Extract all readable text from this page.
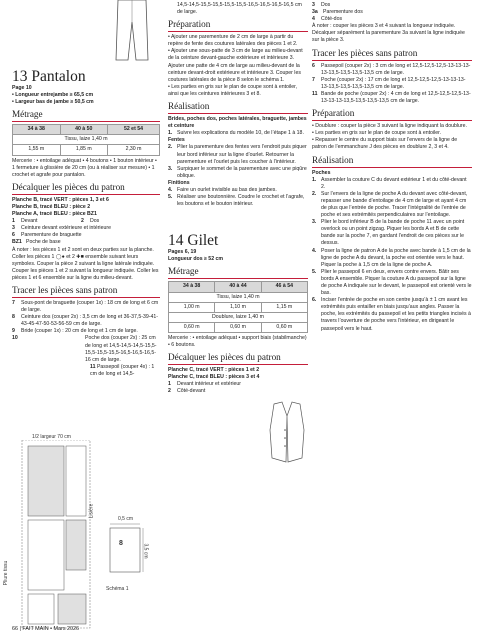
13 Pantalon
Page 10
• Longueur entrejambe ≥ 65,5 cm
• Largeur bas de jambe ≥ 50,5 cm
Métrage
34 à 38	40 à 50	52 et 54
Tissu, laize 1,40 m		
1,55 m	1,85 m	2,30 m
Mercerie : • entoilage adéquat • 4 boutons • 1 bouton intérieur • 1 fermeture à glissière de 20 cm (ou à réaliser sur mesure) • 1 crochet et agrafe pour pantalon.
Décalquer les pièces du patron
Planche B, tracé VERT : pièces 1, 3 et 6
Planche B, tracé BLEU : pièce 2
Planche A, tracé BLEU : pièce BZ1
1	Devant	2	Dos
3	Ceinture devant extérieure et intérieure
6	Parementure de braguette
BZ1 Poche de base
À noter : les pièces 1 et 2 sont en deux parties sur la planche. Coller les pièces 1 ◯● et 2 ✚■ ensemble suivant leurs symboles. Couper la pièce 2 suivant la ligne latérale indiquée. Couper les pièces 1 et 2 suivant la longueur indiquée. Coller les pièces 1 et 6 ensemble sur la ligne du milieu-devant.
Tracer les pièces sans patron
7	Sous-pont de braguette (couper 1x) : 18 cm de long et 6 cm de large.
8	Ceinture dos (couper 2x) : 3,5 cm de long et 36-37,5-39-41-43-45-47-50-53-56-59 cm de large.
9	Bride (couper 1x) : 20 cm de long et 1 cm de large.
10	Poche dos (couper 2x) : 25 cm de long et 14,5-14,5-14,5-15,5-15,5-15,5-15,5-16,5-16,5-16,5-16 cm de large.
11 Passepoil (couper 4x) : 1 cm de long et 14,5-
1/2 largeur 70 cm
Pliure tissu
Lisière
0,5 cm
3,5 cm
8
Schéma 1
14,5-14,5-15,5-15,5-15,5-15,5-16,5-16,5-16,5-16,5 cm de large.
Préparation
• Ajouter une parementure de 2 cm de large à partir du repère de fente des coutures latérales des pièces 1 et 2.
• Ajouter une sous-patte de 3 cm de large au milieu-devant de la ceinture devant-gauche extérieure et intérieure 3. Ajouter une patte de 4 cm de large au milieu-devant de la ceinture devant-droit extérieure et intérieure 3. Couper les coutures latérales de la pièce 8 selon le schéma 1.
• Les parties en gris sur le plan de coupe sont à entoiler, ainsi que les ceintures intérieures 3 et 8.
Réalisation
Brides, poches dos, poches latérales, braguette, jambes et ceinture
1. Suivre les explications du modèle 10, de l’étape 1 à 18.
Fentes
2. Plier la parementure des fentes vers l’endroit puis piquer leur bord inférieur sur la ligne d’ourlet. Retourner la parementure et l’ourlet puis les coucher à l’intérieur.
3. Surpiquer le sommet de la parementure avec une piqûre oblique.
Finitions
4. Faire un ourlet invisible au bas des jambes.
5. Réaliser une boutonnière. Coudre le crochet et l’agrafe, les boutons et le bouton intérieur.
14 Gilet
Pages 6, 19
Longueur dos ≥ 52 cm
Métrage
34 à 38	40 à 44	46 à 54
Tissu, laize 1,40 m		
1,00 m	1,10 m	1,15 m
Doublure, laize 1,40 m		
0,60 m	0,60 m	0,60 m
Mercerie : • entoilage adéquat • support biais (stabilmanche) • 6 boutons.
Décalquer les pièces du patron
Planche C, tracé VERT : pièces 1 et 2
Planche C, tracé BLEU : pièces 3 et 4
1	Devant intérieur et extérieur
2	Côté-devant
3	Dos
3a	Parementure dos
4	Côté-dos
À noter : couper les pièces 3 et 4 suivant la longueur indiquée. Décalquer séparément la parementure 3a suivant la ligne indiquée sur la pièce 3.
Tracer les pièces sans patron
6	Passepoil (couper 2x) : 3 cm de long et 12,5-12,5-12,5-13-13-13-13-13,5-13,5-13,5-13,5 cm de large.
7	Poche (couper 2x) : 17 cm de long et 12,5-12,5-12,5-13-13-13-13-13,5-13,5-13,5-13,5 cm de large.
11 Bande de poche (couper 2x) : 4 cm de long et 12,5-12,5-12,5-13-13-13-13-13,5-13,5-13,5-13,5 cm de large.
Préparation
• Doublure : couper la pièce 3 suivant la ligne indiquant la doublure.
• Les parties en gris sur le plan de coupe sont à entoiler.
• Repasser le centre du support biais sur l’envers de la ligne de patron de l’emmanchure J des pièces en doublure 2, 3 et 4.
Réalisation
Poches
1. Assembler la couture C du devant extérieur 1 et du côté-devant 2.
2. Sur l’envers de la ligne de poche A du devant avec côté-devant, repasser une bande d’entoilage de 4 cm de large et ayant 4 cm de plus que l’entrée de poche. Tracer l’intégralité de l’entrée de poche et ses extrémités perpendiculaires sur l’entoilage.
3. Plier le bord inférieur B de la bande de poche 11 avec un point overlock ou un point zigzag. Piquer les bords A et B de cette bande sur la poche 7, en gardant l’endroit de ces pièces sur le dessus.
4. Poser la ligne de patron A de la poche avec bande à 1,5 cm de la ligne de poche A du devant, la poche est orientée vers le haut. Piquer la poche à 1,5 cm de la ligne de poche A.
5. Plier le passepoil 6 en deux, envers contre envers. Bâtir ses bords A ensemble. Piquer la couture A du passepoil sur la ligne de poche A indiquée sur le devant, le passepoil est orienté vers le bas.
6. Inciser l’entrée de poche en son centre jusqu’à ± 1 cm avant les extrémités puis entailler en biais jusqu’aux angles. Passer la poche, les extrémités du passepoil et les petits triangles incisés à travers l’ouverture de poche vers l’intérieur, en dirigeant le passepoil vers le haut.
66 | FAIT MAIN • Mars 2026
